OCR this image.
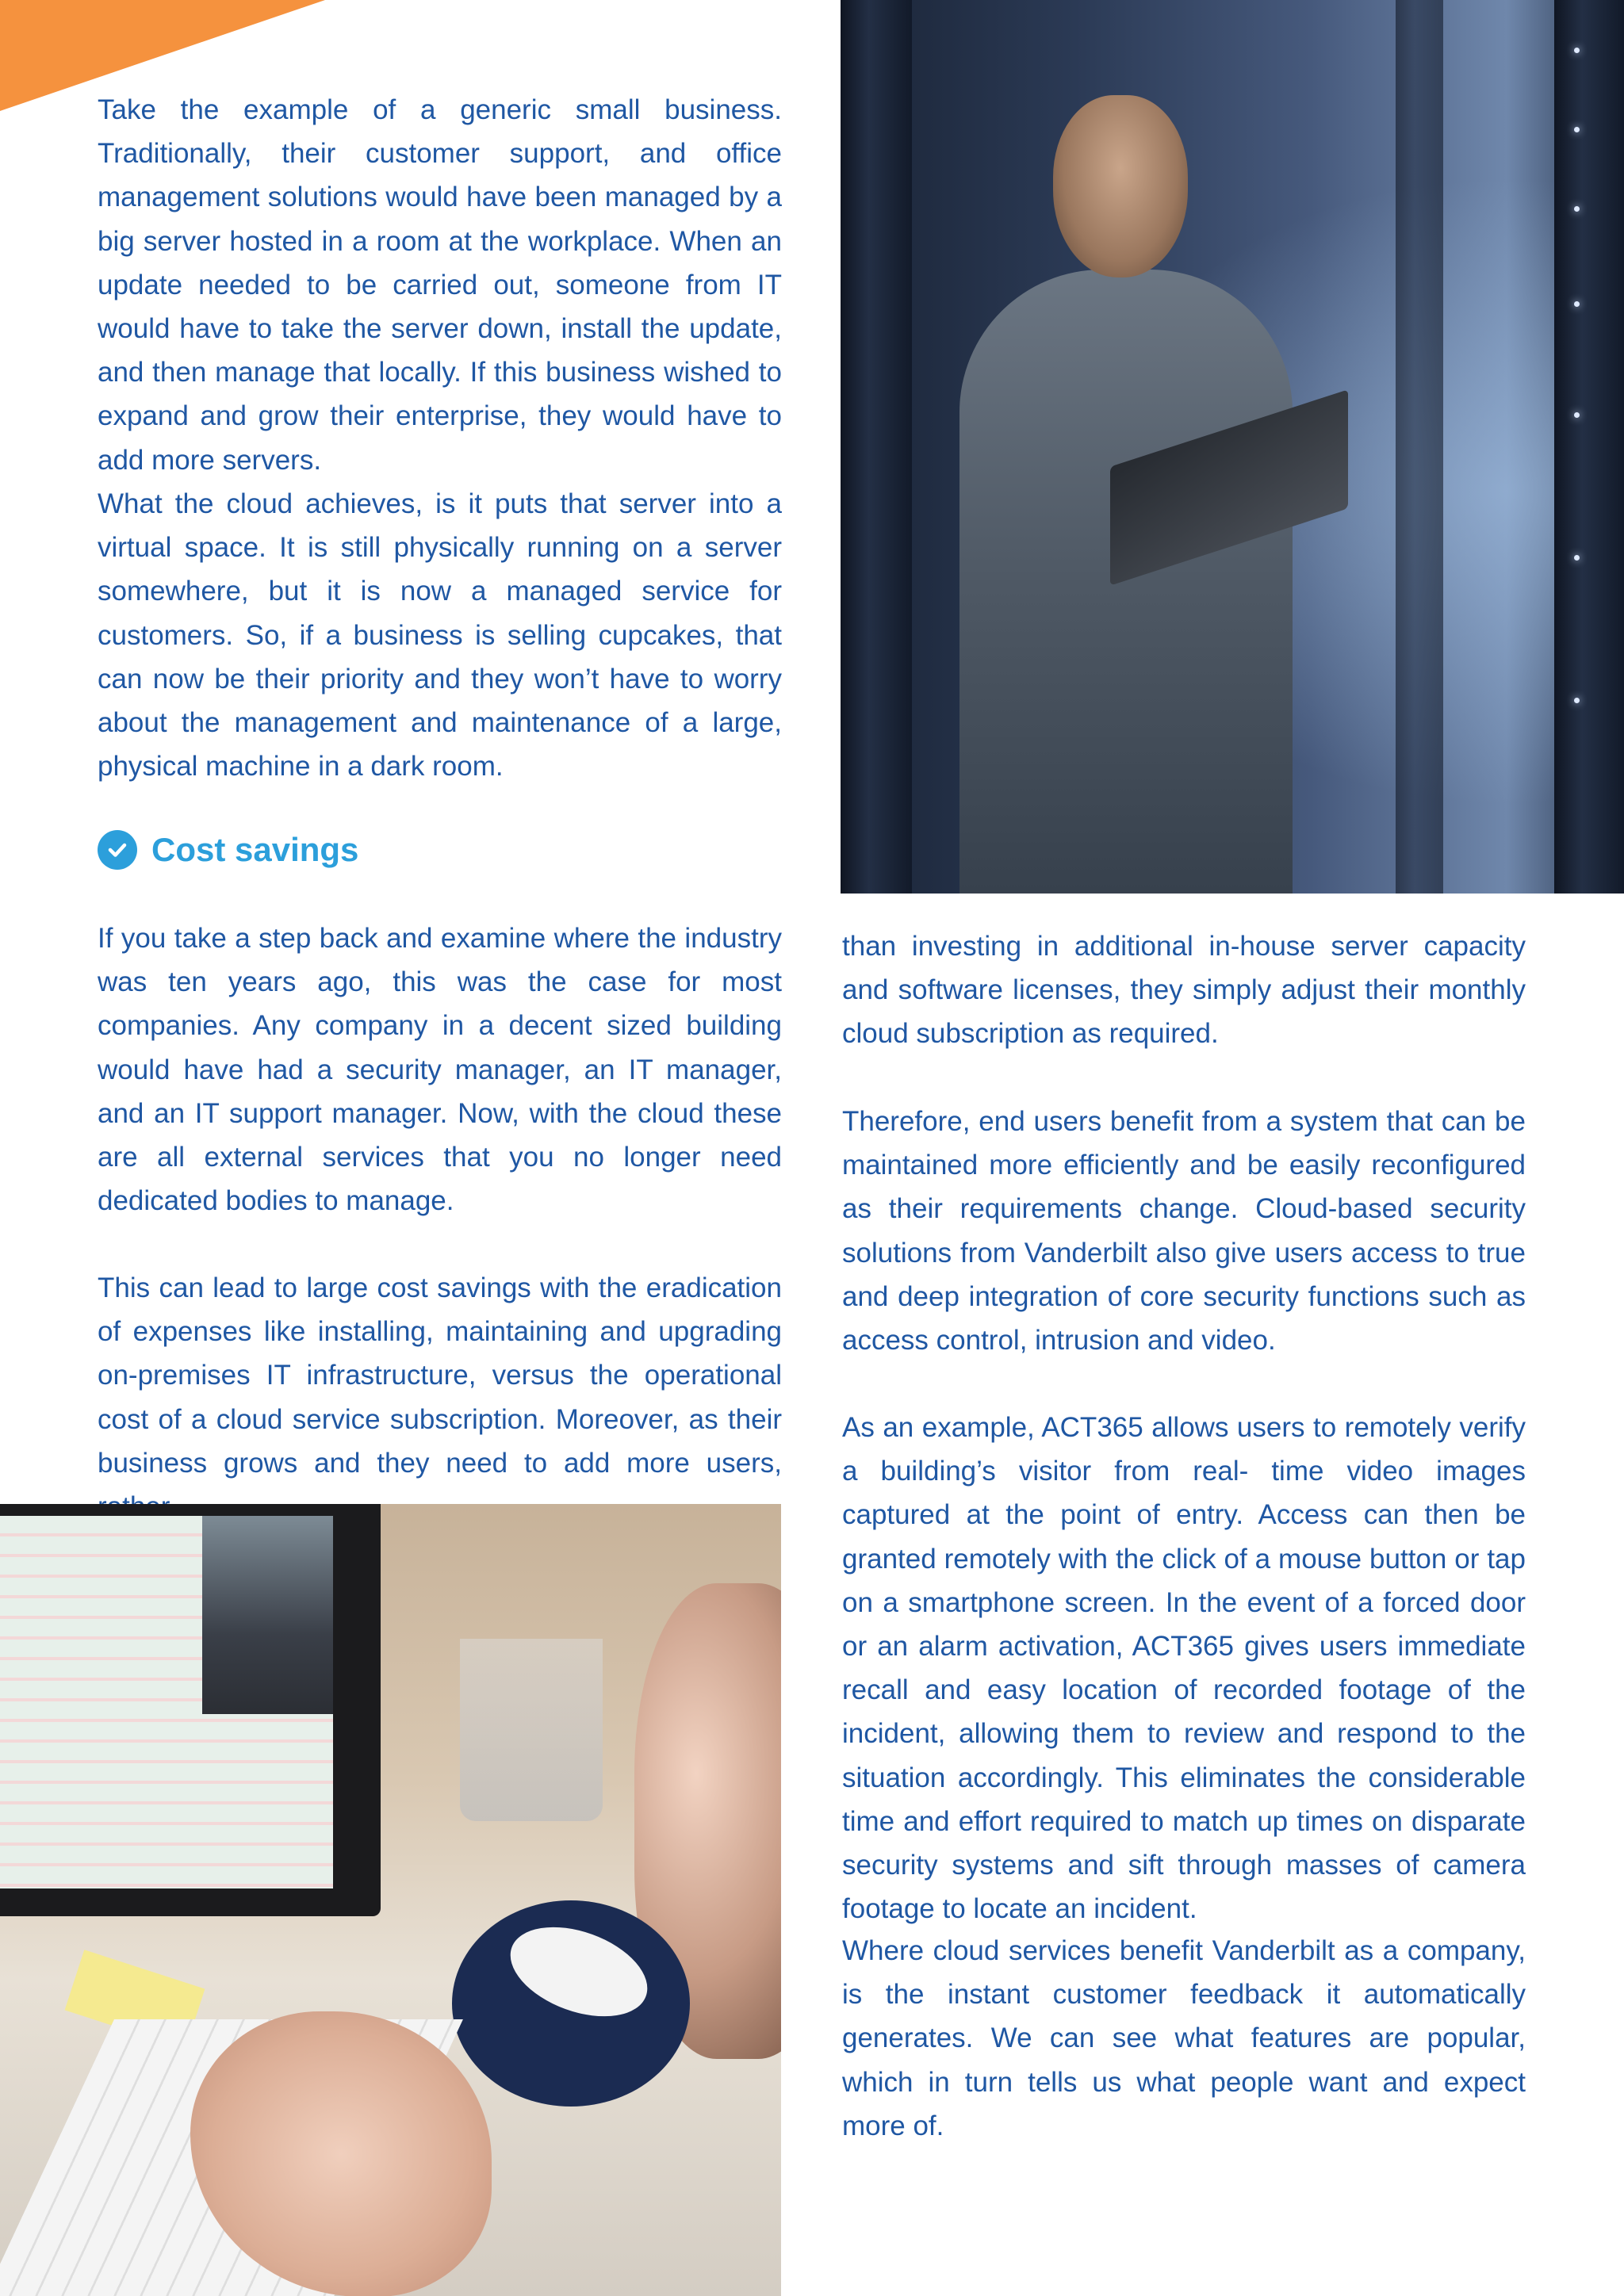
Take the example of a generic small business. Traditionally, their customer support, and office management solutions would have been managed by a big server hosted in a room at the workplace. When an update needed to be carried out, someone from IT would have to take the server down, install the update, and then manage that locally. If this business wished to expand and grow their enterprise, they would have to add more servers.

What the cloud achieves, is it puts that server into a virtual space. It is still physically running on a server somewhere, but it is now a managed service for customers. So, if a business is selling cupcakes, that can now be their priority and they won’t have to worry about the management and maintenance of a large, physical machine in a dark room.

Cost savings

If you take a step back and examine where the industry was ten years ago, this was the case for most companies. Any company in a decent sized building would have had a security manager, an IT manager, and an IT support manager. Now, with the cloud these are all external services that you no longer need dedicated bodies to manage.

This can lead to large cost savings with the eradication of expenses like installing, maintaining and upgrading on-premises IT infrastructure, versus the operational cost of a cloud service subscription. Moreover, as their business grows and they need to add more users,

than investing in additional in-house server capacity and software licenses, they simply adjust their monthly cloud subscription as required.

Therefore, end users benefit from a system that can be maintained more efficiently and be easily reconfigured as their requirements change. Cloud-based security solutions from Vanderbilt also give users access to true and deep integration of core security functions such as access control, intrusion and video.

As an example, ACT365 allows users to remotely verify a building’s visitor from real- time video images captured at the point of entry. Access can then be granted remotely with the click of a mouse button or tap on a smartphone screen. In the event of a forced door or an alarm activation, ACT365 gives users immediate recall and easy location of recorded footage of the incident, allowing them to review and respond to the situation accordingly. This eliminates the considerable time and effort required to match up times on disparate security systems and sift through masses of camera footage to locate an incident.

Where cloud services benefit Vanderbilt as a company, is the instant customer feedback it automatically generates. We can see what features are popular, which in turn tells us what people want and expect more of.
